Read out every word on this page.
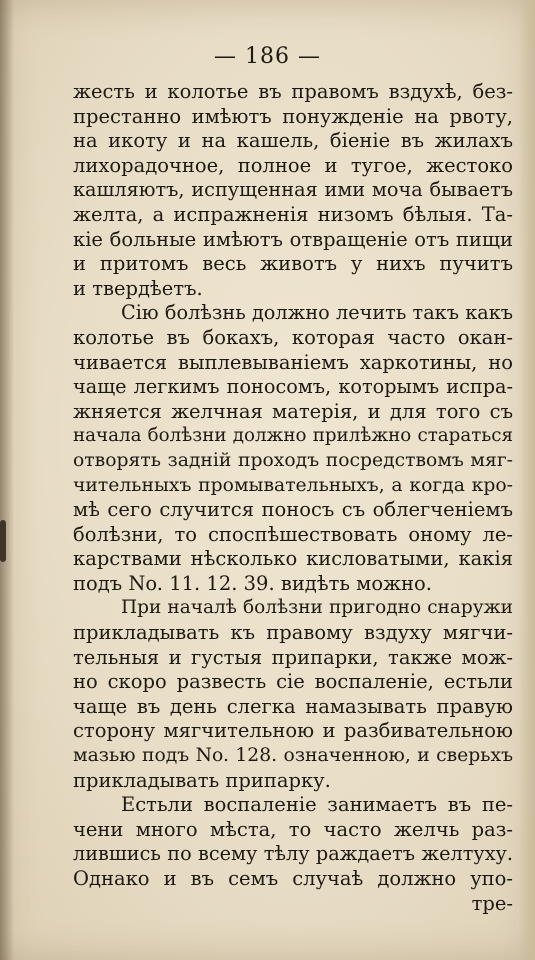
— 186 —
жесть и колотье въ правомъ вздухѣ, без-
престанно имѣютъ понужденіе на рвоту,
на икоту и на кашель, біеніе въ жилахъ
лихорадочное, полное и тугое, жестоко
кашляютъ, испущенная ими моча бываетъ
желта, а испражненія низомъ бѣлыя. Та-
кіе больные имѣютъ отвращеніе отъ пищи
и притомъ весь животъ у нихъ пучитъ
и твердѣетъ.
Сію болѣзнь должно лечить такъ какъ
колотье въ бокахъ, которая часто окан-
чивается выплевываніемъ харкотины, но
чаще легкимъ поносомъ, которымъ испра-
жняется желчная матерія, и для того съ
начала болѣзни должно прилѣжно стараться
отворять задній проходъ посредствомъ мяг-
чительныхъ промывательныхъ, а когда кро-
мѣ сего случится поносъ съ облегченіемъ
болѣзни, то споспѣшествовать оному ле-
карствами нѣсколько кисловатыми, какія
подъ No. 11. 12. 39. видѣть можно.
При началѣ болѣзни пригодно снаружи
прикладывать къ правому вздуху мягчи-
тельныя и густыя припарки, также мож-
но скоро развесть сіе воспаленіе, естьли
чаще въ день слегка намазывать правую
сторону мягчительною и разбивательною
мазью подъ No. 128. означенною, и сверьхъ
прикладывать припарку.
Естьли воспаленіе занимаетъ въ пе-
чени много мѣста, то часто желчь раз-
лившись по всему тѣлу раждаетъ желтуху.
Однако и въ семъ случаѣ должно упо-
тре-
